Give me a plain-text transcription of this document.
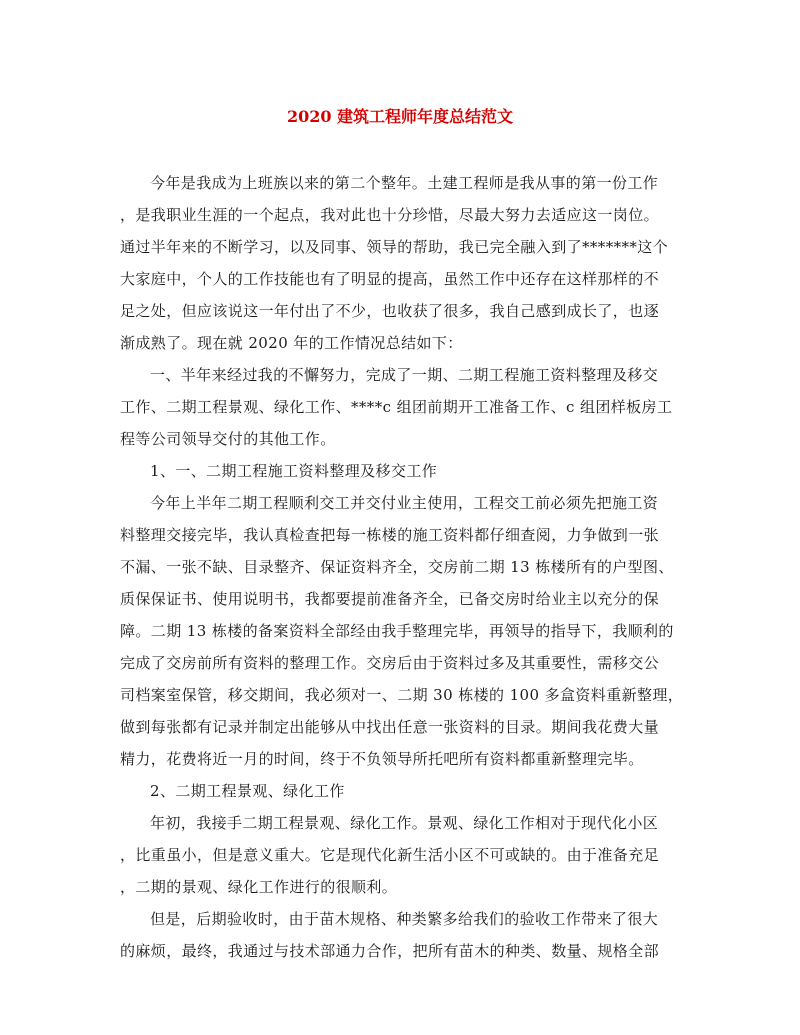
2020 建筑工程师年度总结范文
今年是我成为上班族以来的第二个整年。土建工程师是我从事的第一份工作
，是我职业生涯的一个起点，我对此也十分珍惜，尽最大努力去适应这一岗位。
通过半年来的不断学习，以及同事、领导的帮助，我已完全融入到了*******这个
大家庭中，个人的工作技能也有了明显的提高，虽然工作中还存在这样那样的不
足之处，但应该说这一年付出了不少，也收获了很多，我自己感到成长了，也逐
渐成熟了。现在就 2020 年的工作情况总结如下：
一、半年来经过我的不懈努力，完成了一期、二期工程施工资料整理及移交
工作、二期工程景观、绿化工作、****c 组团前期开工准备工作、c 组团样板房工
程等公司领导交付的其他工作。
1、一、二期工程施工资料整理及移交工作
今年上半年二期工程顺利交工并交付业主使用，工程交工前必须先把施工资
料整理交接完毕，我认真检查把每一栋楼的施工资料都仔细查阅，力争做到一张
不漏、一张不缺、目录整齐、保证资料齐全，交房前二期 13 栋楼所有的户型图、
质保保证书、使用说明书，我都要提前准备齐全，已备交房时给业主以充分的保
障。二期 13 栋楼的备案资料全部经由我手整理完毕，再领导的指导下，我顺利的
完成了交房前所有资料的整理工作。交房后由于资料过多及其重要性，需移交公
司档案室保管，移交期间，我必须对一、二期 30 栋楼的 100 多盒资料重新整理，
做到每张都有记录并制定出能够从中找出任意一张资料的目录。期间我花费大量
精力，花费将近一月的时间，终于不负领导所托吧所有资料都重新整理完毕。
2、二期工程景观、绿化工作
年初，我接手二期工程景观、绿化工作。景观、绿化工作相对于现代化小区
，比重虽小，但是意义重大。它是现代化新生活小区不可或缺的。由于准备充足
，二期的景观、绿化工作进行的很顺利。
但是，后期验收时，由于苗木规格、种类繁多给我们的验收工作带来了很大
的麻烦，最终，我通过与技术部通力合作，把所有苗木的种类、数量、规格全部
